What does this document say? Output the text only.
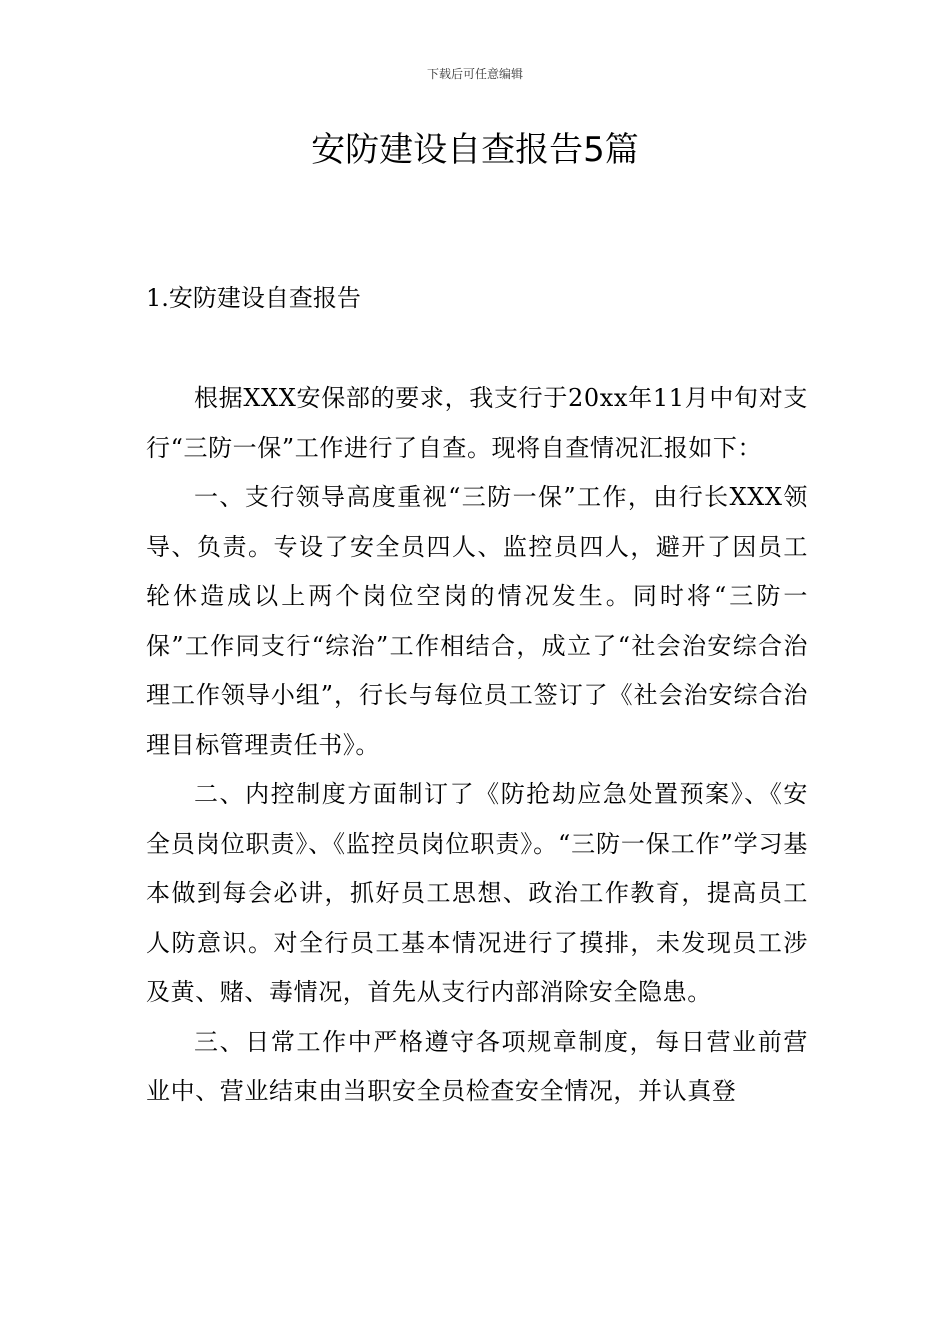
下载后可任意编辑
安防建设自查报告5篇
1.安防建设自查报告

根据XXX安保部的要求，我支行于20xx年11月中旬对支行“三防一保”工作进行了自查。现将自查情况汇报如下：

一、支行领导高度重视“三防一保”工作，由行长XXX领导、负责。专设了安全员四人、监控员四人，避开了因员工轮休造成以上两个岗位空岗的情况发生。同时将“三防一保”工作同支行“综治”工作相结合，成立了“社会治安综合治理工作领导小组”，行长与每位员工签订了《社会治安综合治理目标管理责任书》。

二、内控制度方面制订了《防抢劫应急处置预案》、《安全员岗位职责》、《监控员岗位职责》。“三防一保工作”学习基本做到每会必讲，抓好员工思想、政治工作教育，提高员工人防意识。对全行员工基本情况进行了摸排，未发现员工涉及黄、赌、毒情况，首先从支行内部消除安全隐患。

三、日常工作中严格遵守各项规章制度，每日营业前营业中、营业结束由当职安全员检查安全情况，并认真登
